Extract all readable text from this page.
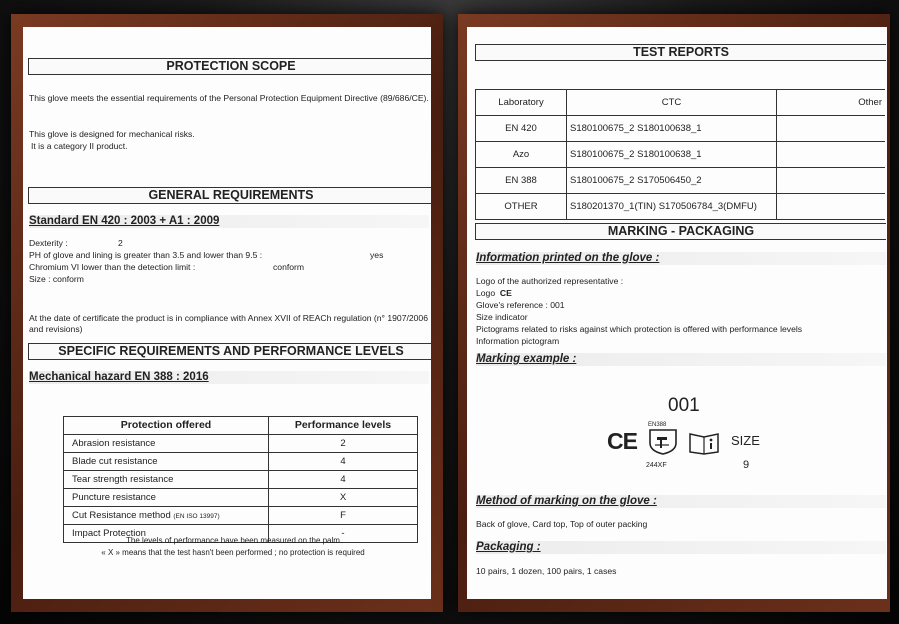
PROTECTION SCOPE
This glove meets the essential requirements of the Personal Protection Equipment Directive (89/686/CE).
This glove is designed for mechanical risks.
It is a category II product.
GENERAL REQUIREMENTS
Standard EN 420 : 2003 + A1 : 2009
Dexterity :	2
PH of glove and lining is greater than 3.5 and lower than 9.5 :	yes
Chromium VI lower than the detection limit :	conform
Size : conform
At the date of certificate the product is in compliance with Annex XVII of REACh regulation (n° 1907/2006 and revisions)
SPECIFIC REQUIREMENTS AND PERFORMANCE LEVELS
Mechanical hazard EN 388 : 2016
Protection offered	Performance levels
Abrasion resistance	2
Blade cut resistance	4
Tear strength resistance	4
Puncture resistance	X
Cut Resistance method (EN ISO 13997)	F
Impact Protection	-
The levels of performance have been measured on the palm
« X » means that the test hasn't been performed ; no protection is required
TEST REPORTS
Laboratory	CTC	Other
EN 420	S180100675_2 S180100638_1	
Azo	S180100675_2 S180100638_1	
EN 388	S180100675_2 S170506450_2	
OTHER	S180201370_1(TIN) S170506784_3(DMFU)	
MARKING - PACKAGING
Information printed on the glove :
Logo of the authorized representative :
Logo CE
Glove's reference : 001
Size indicator
Pictograms related to risks against which protection is offered with performance levels
Information pictogram
Marking example :
001
CE
EN388
244XF
SIZE
9
Method of marking on the glove :
Back of glove, Card top, Top of outer packing
Packaging :
10 pairs, 1 dozen, 100 pairs, 1 cases
